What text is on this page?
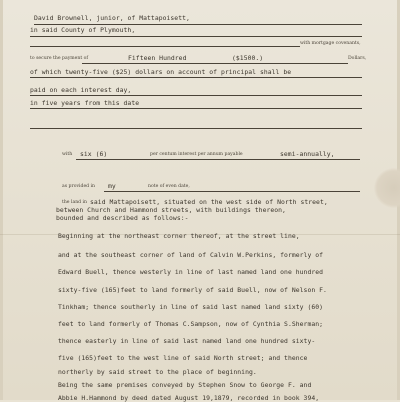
David Brownell, junior, of Mattapoisett,
in said County of Plymouth,
with mortgage covenants,
to secure the payment of	Fifteen Hundred	($1500.)	Dollars,
of which twenty-five ($25) dollars on account of principal shall be
paid on each interest day,
in five years from this date
with six (6)	per centum interest per annum payable	semi-annually,
as provided in my	note of even date,
the land in said Mattapoisett, situated on the west side of North street,
between Church and Hammond streets, with buildings thereon,
bounded and described as follows:-
Beginning at the northeast corner thereof, at the street line,
and at the southeast corner of land of Calvin W.Perkins, formerly of
Edward Buell, thence westerly in line of last named land one hundred
sixty-five (165)feet to land formerly of said Buell, now of Nelson F.
Tinkham; thence southerly in line of said last named land sixty (60)
feet to land formerly of Thomas C.Sampson, now of Cynthia S.Sherman;
thence easterly in line of said last named land one hundred sixty-
five (165)feet to the west line of said North street; and thence
northerly by said street to the place of beginning.
Being the same premises conveyed by Stephen Snow to George F. and
Abbie H.Hammond by deed dated August 19,1879, recorded in book 394,
